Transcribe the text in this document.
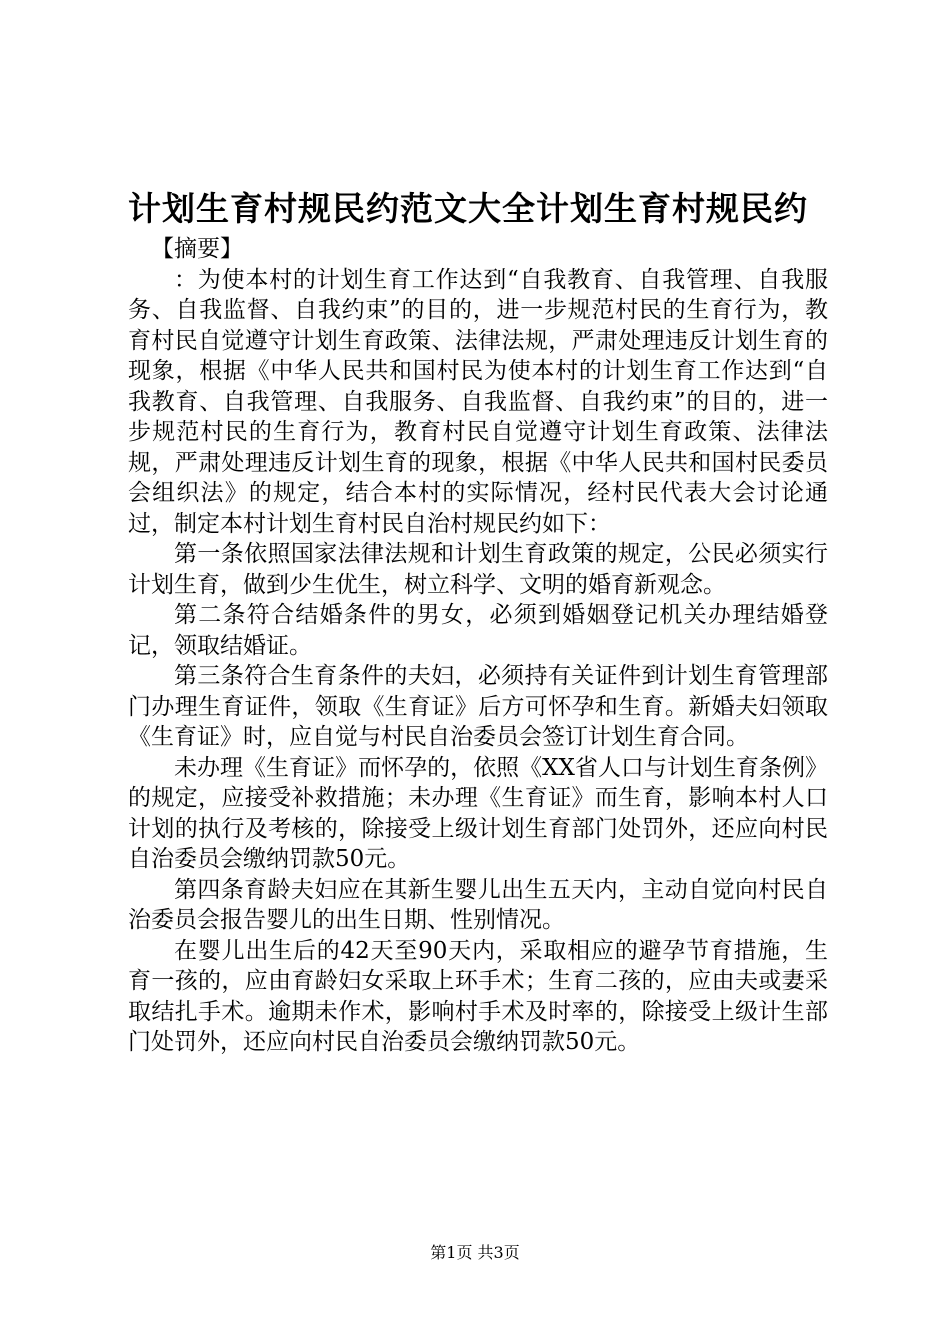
计划生育村规民约范文大全计划生育村规民约

【摘要】

：为使本村的计划生育工作达到“自我教育、自我管理、自我服务、自我监督、自我约束”的目的，进一步规范村民的生育行为，教育村民自觉遵守计划生育政策、法律法规，严肃处理违反计划生育的现象，根据《中华人民共和国村民为使本村的计划生育工作达到“自我教育、自我管理、自我服务、自我监督、自我约束”的目的，进一步规范村民的生育行为，教育村民自觉遵守计划生育政策、法律法规，严肃处理违反计划生育的现象，根据《中华人民共和国村民委员会组织法》的规定，结合本村的实际情况，经村民代表大会讨论通过，制定本村计划生育村民自治村规民约如下：

第一条依照国家法律法规和计划生育政策的规定，公民必须实行计划生育，做到少生优生，树立科学、文明的婚育新观念。

第二条符合结婚条件的男女，必须到婚姻登记机关办理结婚登记，领取结婚证。

第三条符合生育条件的夫妇，必须持有关证件到计划生育管理部门办理生育证件，领取《生育证》后方可怀孕和生育。新婚夫妇领取《生育证》时，应自觉与村民自治委员会签订计划生育合同。

未办理《生育证》而怀孕的，依照《XX省人口与计划生育条例》的规定，应接受补救措施；未办理《生育证》而生育，影响本村人口计划的执行及考核的，除接受上级计划生育部门处罚外，还应向村民自治委员会缴纳罚款50元。

第四条育龄夫妇应在其新生婴儿出生五天内，主动自觉向村民自治委员会报告婴儿的出生日期、性别情况。

在婴儿出生后的42天至90天内，采取相应的避孕节育措施，生育一孩的，应由育龄妇女采取上环手术；生育二孩的，应由夫或妻采取结扎手术。逾期未作术，影响村手术及时率的，除接受上级计生部门处罚外，还应向村民自治委员会缴纳罚款50元。

第1页 共3页
